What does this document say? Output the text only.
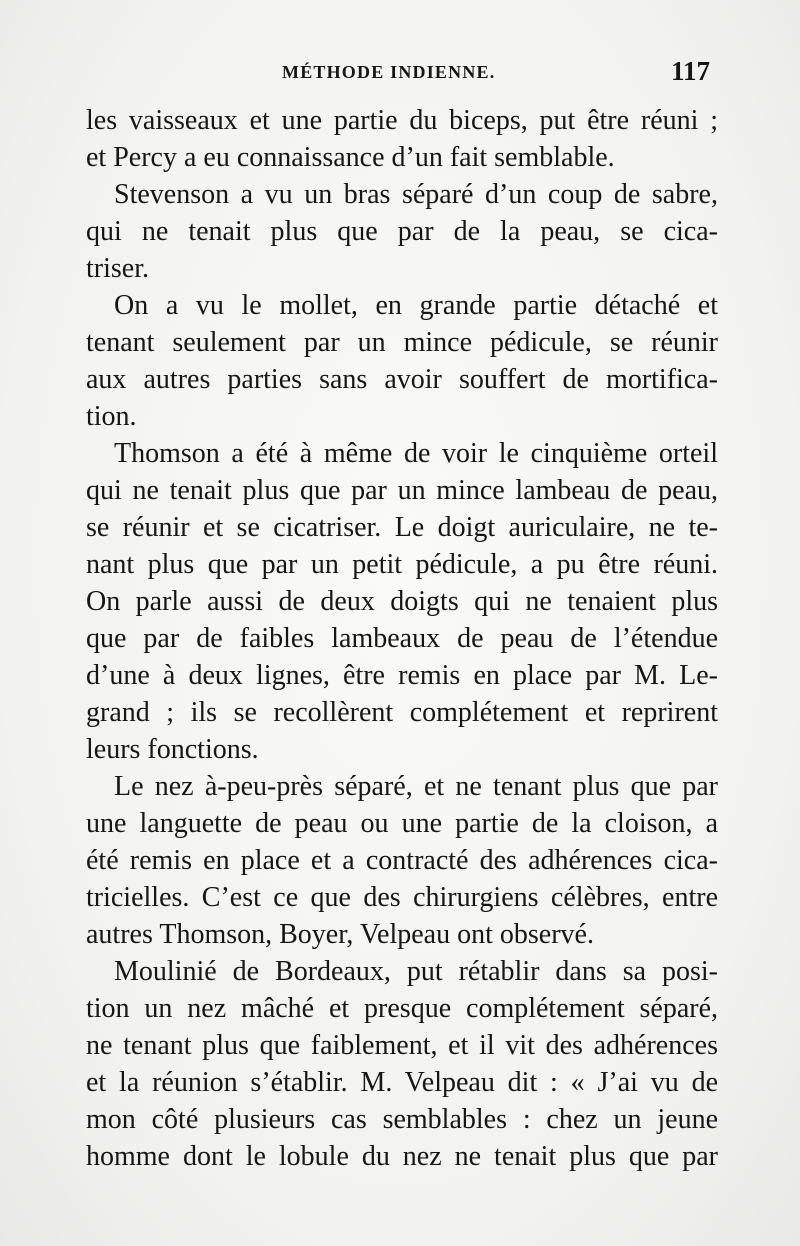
MÉTHODE INDIENNE.	117
les vaisseaux et une partie du biceps, put être réuni ;
et Percy a eu connaissance d’un fait semblable.
Stevenson a vu un bras séparé d’un coup de sabre,
qui ne tenait plus que par de la peau, se cica-
triser.
On a vu le mollet, en grande partie détaché et
tenant seulement par un mince pédicule, se réunir
aux autres parties sans avoir souffert de mortifica-
tion.
Thomson a été à même de voir le cinquième orteil
qui ne tenait plus que par un mince lambeau de peau,
se réunir et se cicatriser. Le doigt auriculaire, ne te-
nant plus que par un petit pédicule, a pu être réuni.
On parle aussi de deux doigts qui ne tenaient plus
que par de faibles lambeaux de peau de l’étendue
d’une à deux lignes, être remis en place par M. Le-
grand ; ils se recollèrent complétement et reprirent
leurs fonctions.
Le nez à-peu-près séparé, et ne tenant plus que par
une languette de peau ou une partie de la cloison, a
été remis en place et a contracté des adhérences cica-
tricielles. C’est ce que des chirurgiens célèbres, entre
autres Thomson, Boyer, Velpeau ont observé.
Moulinié de Bordeaux, put rétablir dans sa posi-
tion un nez mâché et presque complétement séparé,
ne tenant plus que faiblement, et il vit des adhérences
et la réunion s’établir. M. Velpeau dit : « J’ai vu de
mon côté plusieurs cas semblables : chez un jeune
homme dont le lobule du nez ne tenait plus que par
